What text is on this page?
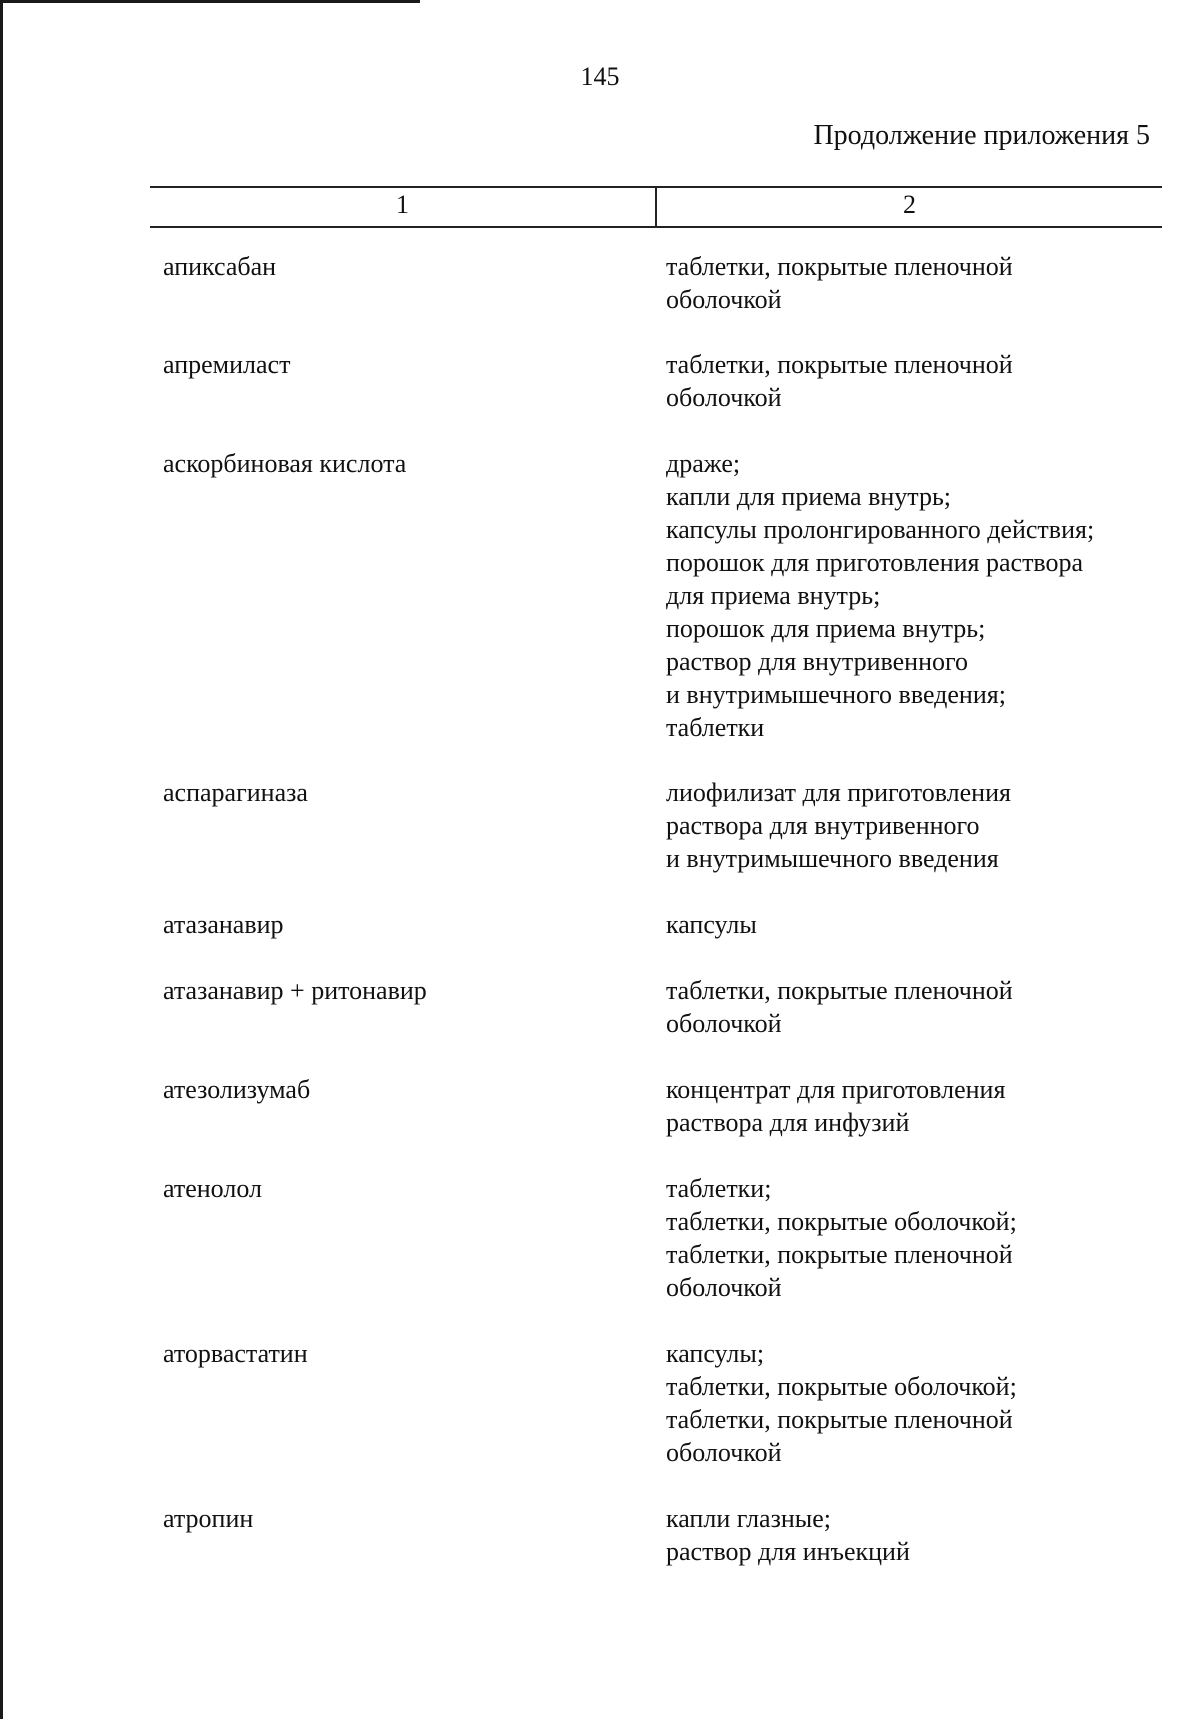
145
Продолжение приложения 5
1	2
апиксабан	таблетки, покрытые пленочной
оболочкой
апремиласт	таблетки, покрытые пленочной
оболочкой
аскорбиновая кислота	драже;
капли для приема внутрь;
капсулы пролонгированного действия;
порошок для приготовления раствора
для приема внутрь;
порошок для приема внутрь;
раствор для внутривенного
и внутримышечного введения;
таблетки
аспарагиназа	лиофилизат для приготовления
раствора для внутривенного
и внутримышечного введения
атазанавир	капсулы
атазанавир + ритонавир	таблетки, покрытые пленочной
оболочкой
атезолизумаб	концентрат для приготовления
раствора для инфузий
атенолол	таблетки;
таблетки, покрытые оболочкой;
таблетки, покрытые пленочной
оболочкой
аторвастатин	капсулы;
таблетки, покрытые оболочкой;
таблетки, покрытые пленочной
оболочкой
атропин	капли глазные;
раствор для инъекций
